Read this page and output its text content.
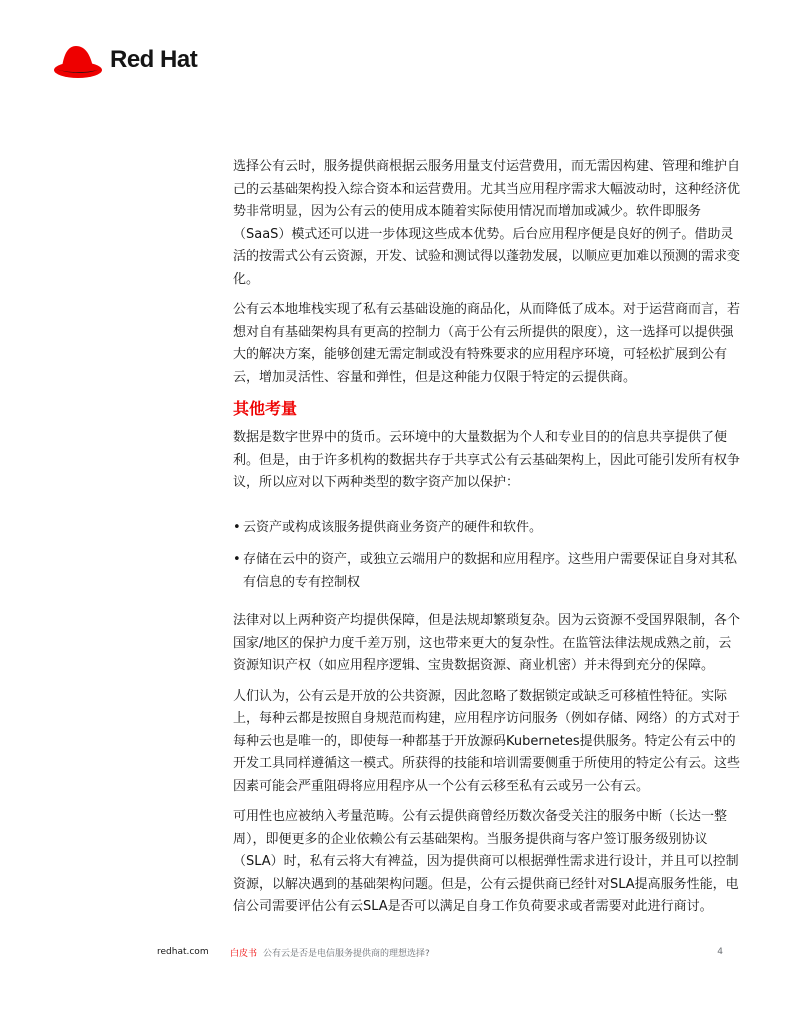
Red Hat

选择公有云时，服务提供商根据云服务用量支付运营费用，而无需因构建、管理和维护自己的云基础架构投入综合资本和运营费用。尤其当应用程序需求大幅波动时，这种经济优势非常明显，因为公有云的使用成本随着实际使用情况而增加或减少。软件即服务（SaaS）模式还可以进一步体现这些成本优势。后台应用程序便是良好的例子。借助灵活的按需式公有云资源，开发、试验和测试得以蓬勃发展，以顺应更加难以预测的需求变化。

公有云本地堆栈实现了私有云基础设施的商品化，从而降低了成本。对于运营商而言，若想对自有基础架构具有更高的控制力（高于公有云所提供的限度），这一选择可以提供强大的解决方案，能够创建无需定制或没有特殊要求的应用程序环境，可轻松扩展到公有云，增加灵活性、容量和弹性，但是这种能力仅限于特定的云提供商。

其他考量

数据是数字世界中的货币。云环境中的大量数据为个人和专业目的的信息共享提供了便利。但是，由于许多机构的数据共存于共享式公有云基础架构上，因此可能引发所有权争议，所以应对以下两种类型的数字资产加以保护：

• 云资产或构成该服务提供商业务资产的硬件和软件。
• 存储在云中的资产，或独立云端用户的数据和应用程序。这些用户需要保证自身对其私有信息的专有控制权

法律对以上两种资产均提供保障，但是法规却繁琐复杂。因为云资源不受国界限制，各个国家/地区的保护力度千差万别，这也带来更大的复杂性。在监管法律法规成熟之前，云资源知识产权（如应用程序逻辑、宝贵数据资源、商业机密）并未得到充分的保障。

人们认为，公有云是开放的公共资源，因此忽略了数据锁定或缺乏可移植性特征。实际上，每种云都是按照自身规范而构建，应用程序访问服务（例如存储、网络）的方式对于每种云也是唯一的，即使每一种都基于开放源码Kubernetes提供服务。特定公有云中的开发工具同样遵循这一模式。所获得的技能和培训需要侧重于所使用的特定公有云。这些因素可能会严重阻碍将应用程序从一个公有云移至私有云或另一公有云。

可用性也应被纳入考量范畴。公有云提供商曾经历数次备受关注的服务中断（长达一整周），即便更多的企业依赖公有云基础架构。当服务提供商与客户签订服务级别协议（SLA）时，私有云将大有裨益，因为提供商可以根据弹性需求进行设计，并且可以控制资源，以解决遇到的基础架构问题。但是，公有云提供商已经针对SLA提高服务性能，电信公司需要评估公有云SLA是否可以满足自身工作负荷要求或者需要对此进行商讨。

redhat.com	白皮书 公有云是否是电信服务提供商的理想选择?	4
